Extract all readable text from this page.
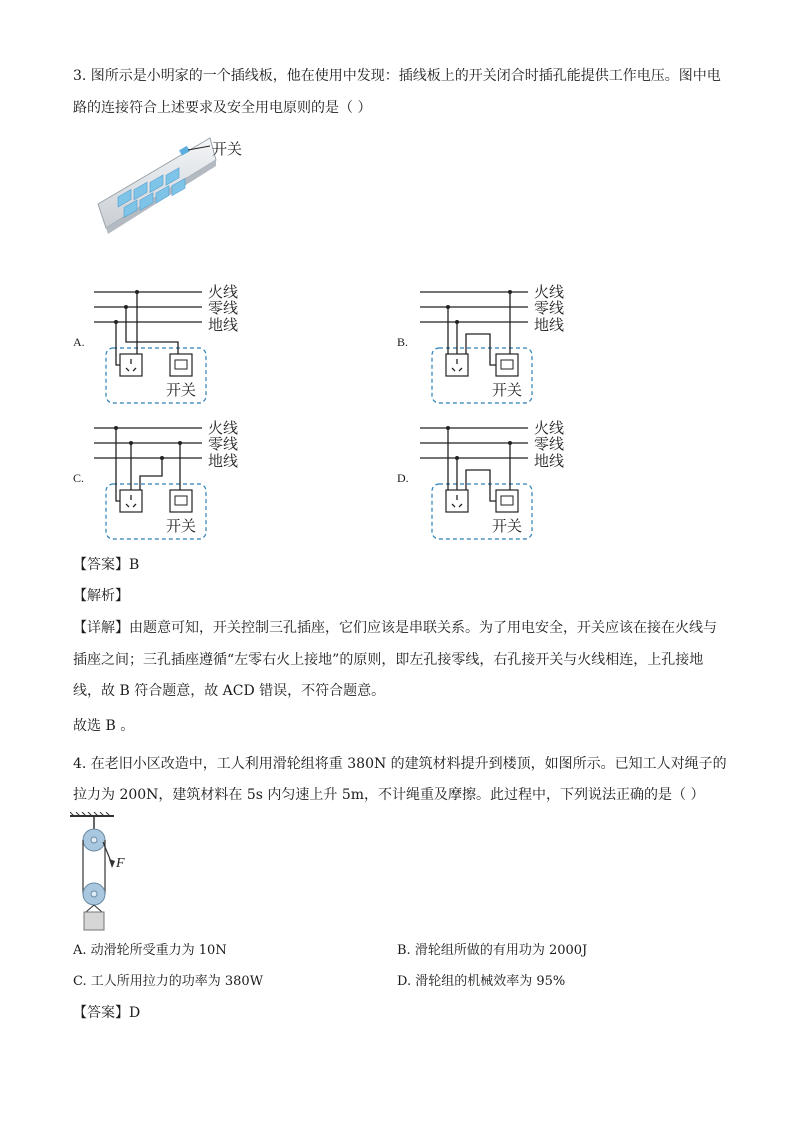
3. 图所示是小明家的一个插线板，他在使用中发现：插线板上的开关闭合时插孔能提供工作电压。图中电
路的连接符合上述要求及安全用电原则的是（ ）
开关
火线
零线
地线
开关
火线
零线
地线
开关
火线
零线
地线
开关
火线
零线
地线
开关
A.	B.
C.	D.
【答案】B
【解析】
【详解】由题意可知，开关控制三孔插座，它们应该是串联关系。为了用电安全，开关应该在接在火线与
插座之间；三孔插座遵循“左零右火上接地”的原则，即左孔接零线，右孔接开关与火线相连，上孔接地
线，故 B 符合题意，故 ACD 错误，不符合题意。
故选 B 。
4. 在老旧小区改造中，工人利用滑轮组将重 380N 的建筑材料提升到楼顶，如图所示。已知工人对绳子的
拉力为 200N，建筑材料在 5s 内匀速上升 5m，不计绳重及摩擦。此过程中，下列说法正确的是（ ）
F
A. 动滑轮所受重力为 10N	B. 滑轮组所做的有用功为 2000J
C. 工人所用拉力的功率为 380W	D. 滑轮组的机械效率为 95%
【答案】D
